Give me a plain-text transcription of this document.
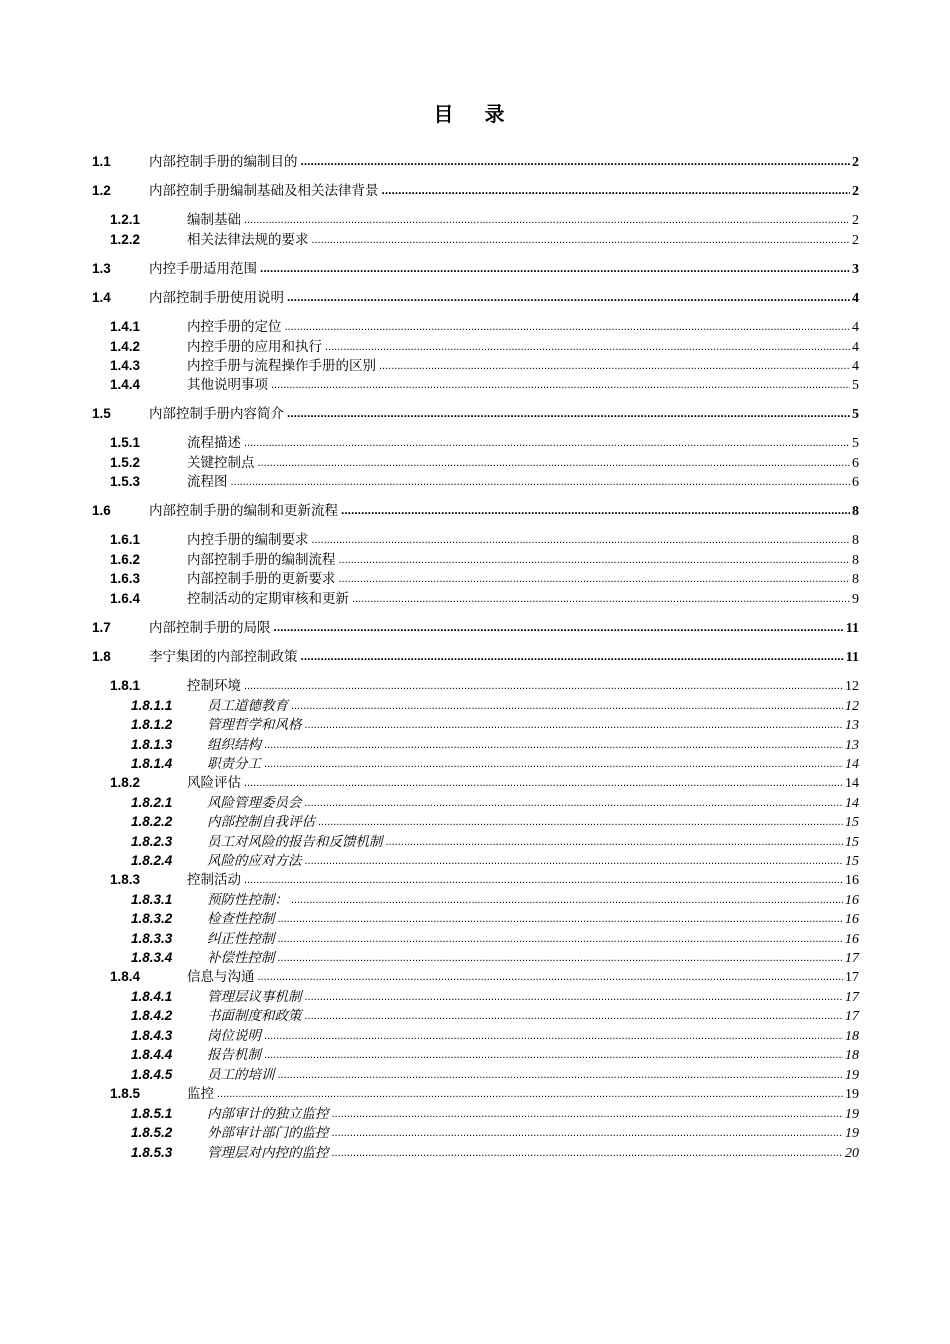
目 录
1.1	内部控制手册的编制目的 .....	2
1.2	内部控制手册编制基础及相关法律背景 .....	2
1.2.1	编制基础 .....	2
1.2.2	相关法律法规的要求 .....	2
1.3	内控手册适用范围 .....	3
1.4	内部控制手册使用说明 .....	4
1.4.1	内控手册的定位 .....	4
1.4.2	内控手册的应用和执行 .....	4
1.4.3	内控手册与流程操作手册的区别 .....	4
1.4.4	其他说明事项 .....	5
1.5	内部控制手册内容简介 .....	5
1.5.1	流程描述 .....	5
1.5.2	关键控制点 .....	6
1.5.3	流程图 .....	6
1.6	内部控制手册的编制和更新流程 .....	8
1.6.1	内控手册的编制要求 .....	8
1.6.2	内部控制手册的编制流程 .....	8
1.6.3	内部控制手册的更新要求 .....	8
1.6.4	控制活动的定期审核和更新 .....	9
1.7	内部控制手册的局限 .....	11
1.8	李宁集团的内部控制政策 .....	11
1.8.1	控制环境 .....	12
1.8.1.1	员工道德教育 .....	12
1.8.1.2	管理哲学和风格 .....	13
1.8.1.3	组织结构 .....	13
1.8.1.4	职责分工 .....	14
1.8.2	风险评估 .....	14
1.8.2.1	风险管理委员会 .....	14
1.8.2.2	内部控制自我评估 .....	15
1.8.2.3	员工对风险的报告和反馈机制 .....	15
1.8.2.4	风险的应对方法 .....	15
1.8.3	控制活动 .....	16
1.8.3.1	预防性控制： .....	16
1.8.3.2	检查性控制 .....	16
1.8.3.3	纠正性控制 .....	16
1.8.3.4	补偿性控制 .....	17
1.8.4	信息与沟通 .....	17
1.8.4.1	管理层议事机制 .....	17
1.8.4.2	书面制度和政策 .....	17
1.8.4.3	岗位说明 .....	18
1.8.4.4	报告机制 .....	18
1.8.4.5	员工的培训 .....	19
1.8.5	监控 .....	19
1.8.5.1	内部审计的独立监控 .....	19
1.8.5.2	外部审计部门的监控 .....	19
1.8.5.3	管理层对内控的监控 .....	20
